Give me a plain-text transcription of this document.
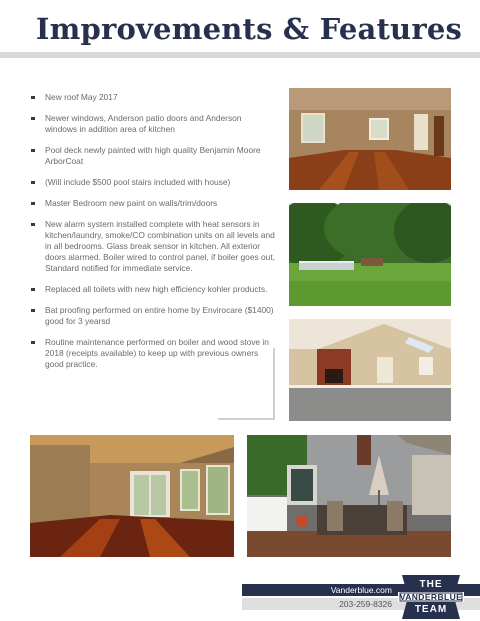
Improvements & Features
New roof May 2017
Newer windows, Anderson patio doors and Anderson windows in addition area of kitchen
Pool deck newly painted with high quality Benjamin Moore ArborCoat
(Will include $500 pool stairs included with house)
Master Bedroom new paint on walls/trim/doors
New alarm system installed complete with heat sensors in kitchen/laundry, smoke/CO combination units on all levels and in all bedrooms. Glass break sensor in kitchen. All exterior doors alarmed. Boiler wired to control panel, if boiler goes out, Standard notified for immediate service.
Replaced all toilets with new high efficiency kohler products.
Bat proofing performed on entire home by Envirocare ($1400) good for 3 yearsd
Routine maintenance performed on boiler and wood stove in 2018 (receipts available) to keep up with previous owners good practice.
Vanderblue.com
203-259-8326
THE
VANDERBLUE
TEAM
